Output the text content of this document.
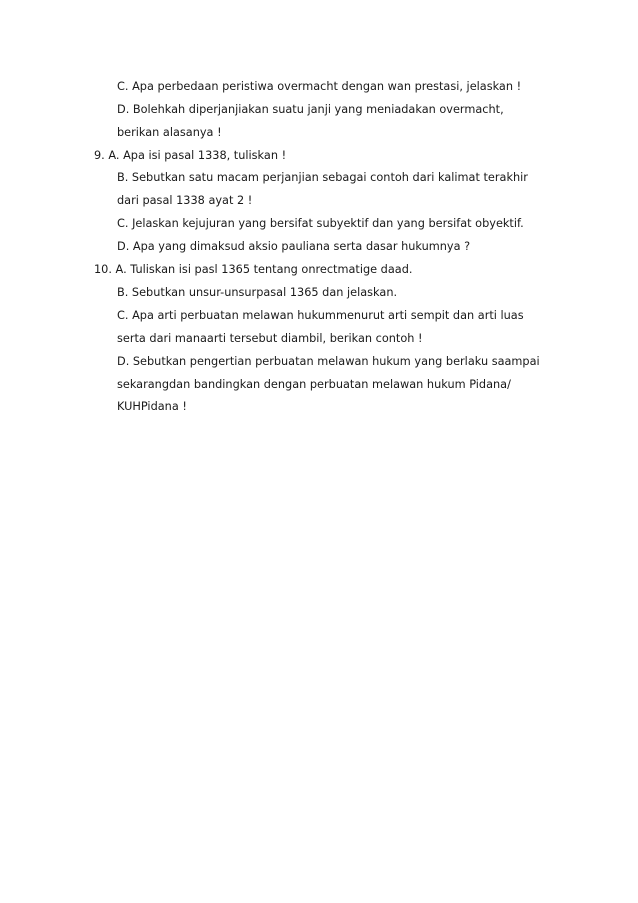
C. Apa perbedaan peristiwa overmacht dengan wan prestasi, jelaskan !
D. Bolehkah diperjanjiakan suatu janji yang meniadakan overmacht,
berikan alasanya !
9. A. Apa isi pasal 1338, tuliskan !
B. Sebutkan satu macam perjanjian sebagai contoh dari kalimat terakhir
dari pasal 1338 ayat 2 !
C. Jelaskan kejujuran yang bersifat subyektif dan yang bersifat obyektif.
D. Apa yang dimaksud aksio pauliana serta dasar hukumnya ?
10. A. Tuliskan isi pasl 1365 tentang onrectmatige daad.
B. Sebutkan unsur-unsurpasal 1365 dan jelaskan.
C. Apa arti perbuatan melawan hukummenurut arti sempit dan arti luas
serta dari manaarti tersebut diambil, berikan contoh !
D. Sebutkan pengertian perbuatan melawan hukum yang berlaku saampai
sekarangdan bandingkan dengan perbuatan melawan hukum Pidana/
KUHPidana !
